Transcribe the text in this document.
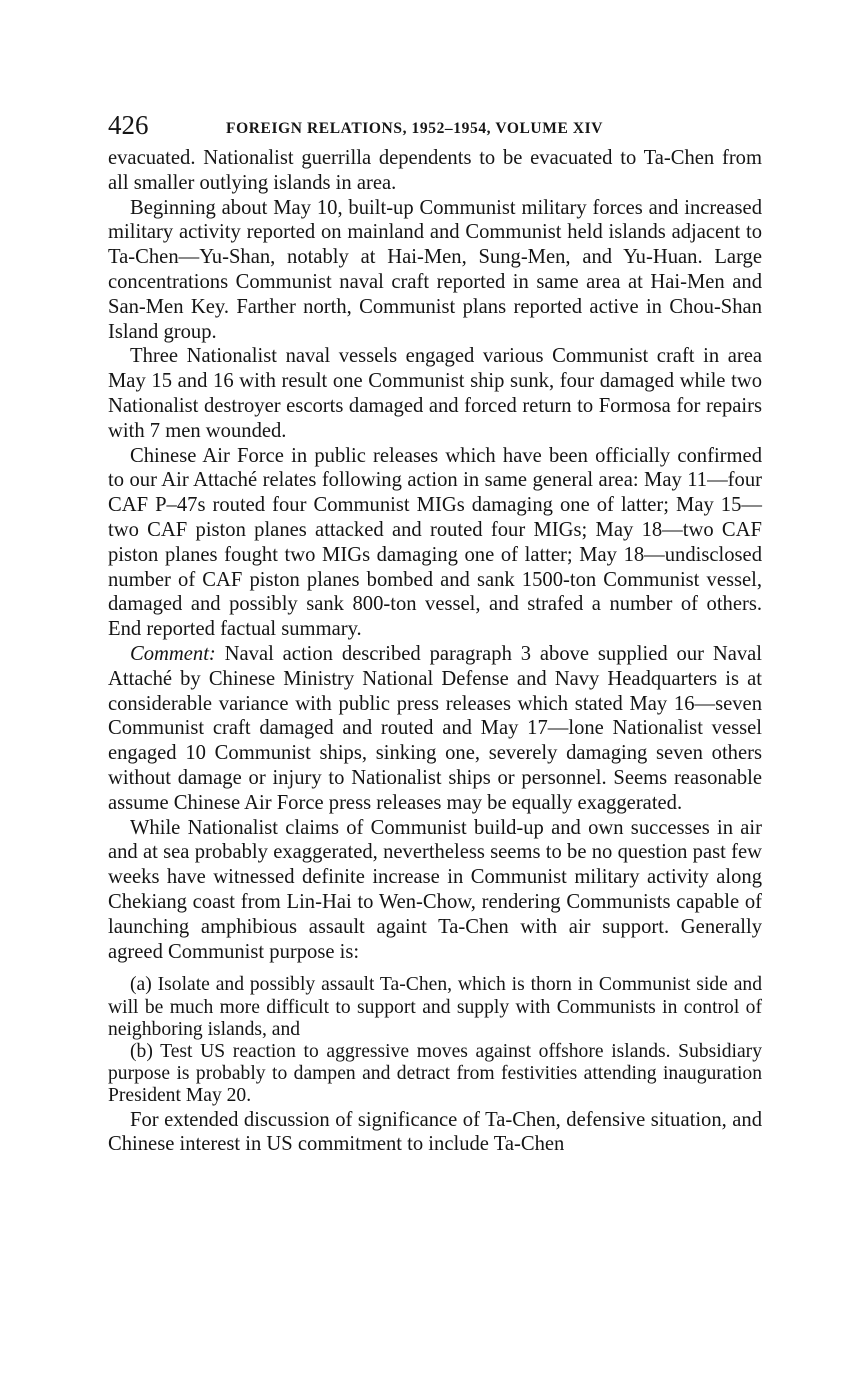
426	FOREIGN RELATIONS, 1952–1954, VOLUME XIV

evacuated. Nationalist guerrilla dependents to be evacuated to Ta-Chen from all smaller outlying islands in area.

Beginning about May 10, built-up Communist military forces and increased military activity reported on mainland and Communist held islands adjacent to Ta-Chen—Yu-Shan, notably at Hai-Men, Sung-Men, and Yu-Huan. Large concentrations Communist naval craft reported in same area at Hai-Men and San-Men Key. Farther north, Communist plans reported active in Chou-Shan Island group.

Three Nationalist naval vessels engaged various Communist craft in area May 15 and 16 with result one Communist ship sunk, four damaged while two Nationalist destroyer escorts damaged and forced return to Formosa for repairs with 7 men wounded.

Chinese Air Force in public releases which have been officially confirmed to our Air Attaché relates following action in same general area: May 11—four CAF P–47s routed four Communist MIGs damaging one of latter; May 15—two CAF piston planes attacked and routed four MIGs; May 18—two CAF piston planes fought two MIGs damaging one of latter; May 18—undisclosed number of CAF piston planes bombed and sank 1500-ton Communist vessel, damaged and possibly sank 800-ton vessel, and strafed a number of others. End reported factual summary.

Comment: Naval action described paragraph 3 above supplied our Naval Attaché by Chinese Ministry National Defense and Navy Headquarters is at considerable variance with public press releases which stated May 16—seven Communist craft damaged and routed and May 17—lone Nationalist vessel engaged 10 Communist ships, sinking one, severely damaging seven others without damage or injury to Nationalist ships or personnel. Seems reasonable assume Chinese Air Force press releases may be equally exaggerated.

While Nationalist claims of Communist build-up and own successes in air and at sea probably exaggerated, nevertheless seems to be no question past few weeks have witnessed definite increase in Communist military activity along Chekiang coast from Lin-Hai to Wen-Chow, rendering Communists capable of launching amphibious assault againt Ta-Chen with air support. Generally agreed Communist purpose is:

(a) Isolate and possibly assault Ta-Chen, which is thorn in Communist side and will be much more difficult to support and supply with Communists in control of neighboring islands, and

(b) Test US reaction to aggressive moves against offshore islands. Subsidiary purpose is probably to dampen and detract from festivities attending inauguration President May 20.

For extended discussion of significance of Ta-Chen, defensive situation, and Chinese interest in US commitment to include Ta-Chen
